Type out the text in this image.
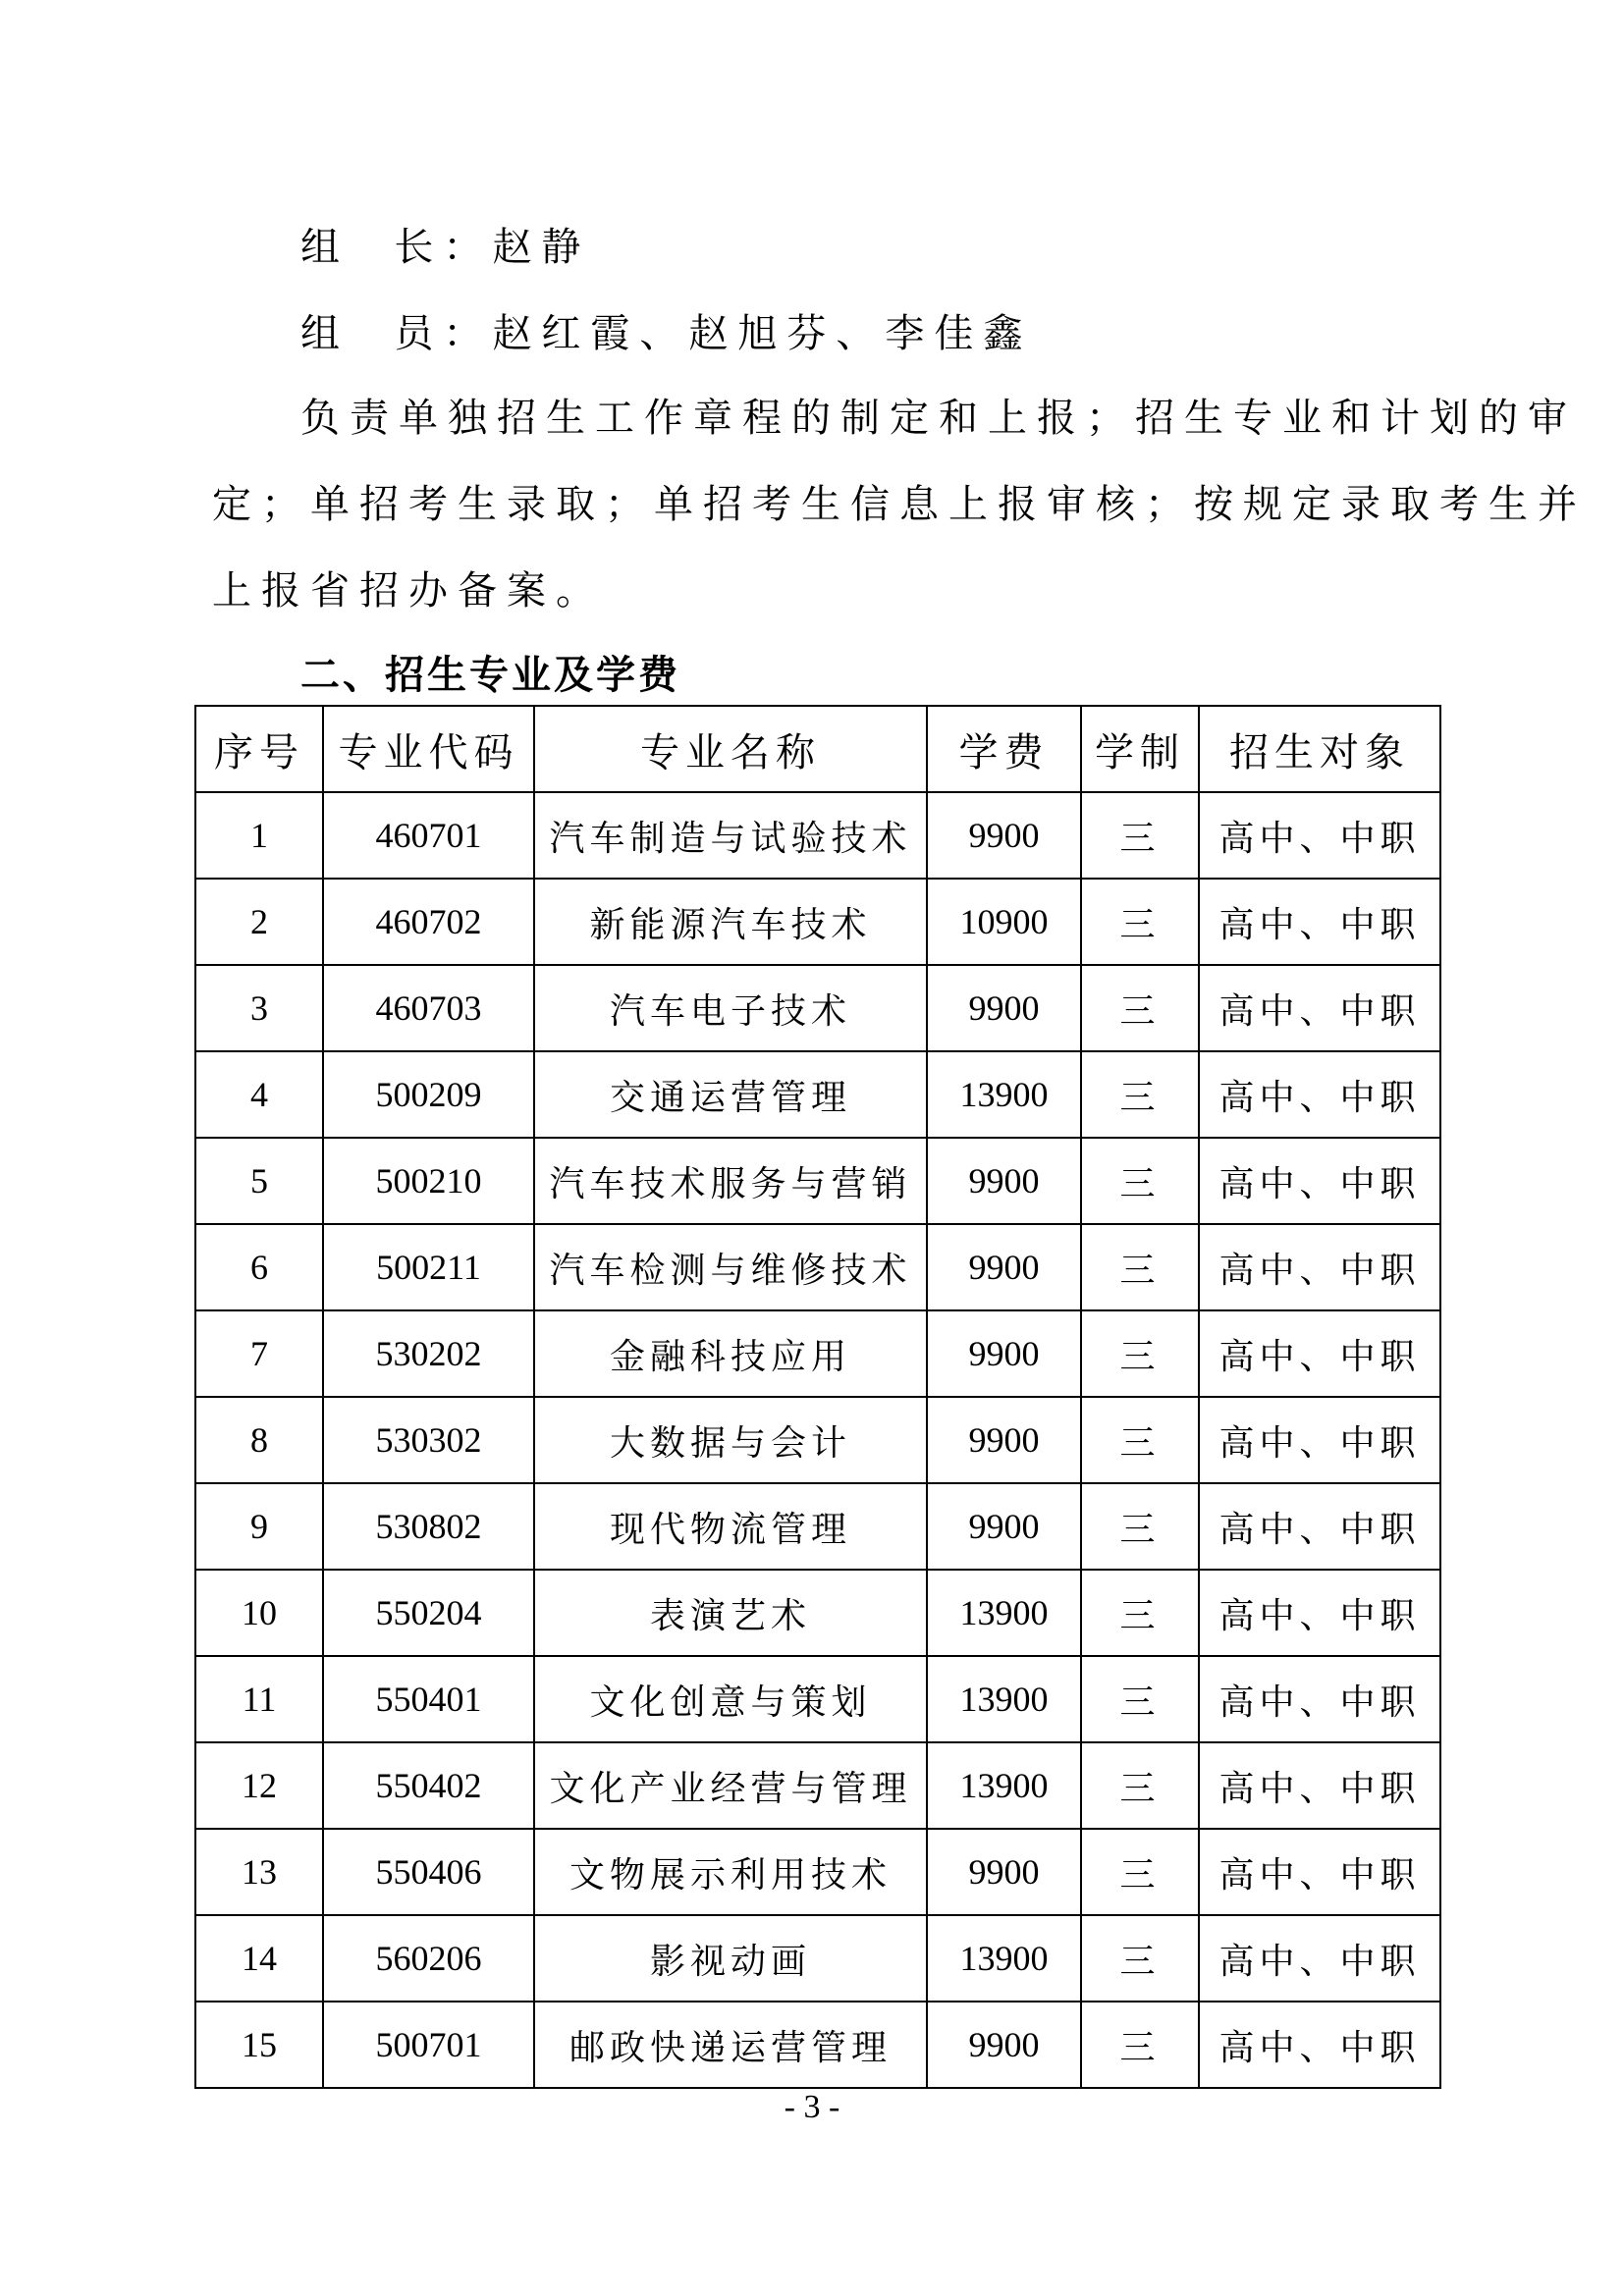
组  长：赵静

组  员：赵红霞、赵旭芬、李佳鑫

负责单独招生工作章程的制定和上报；招生专业和计划的审

定；单招考生录取；单招考生信息上报审核；按规定录取考生并

上报省招办备案。

二、招生专业及学费

序号	专业代码	专业名称	学费	学制	招生对象
1	460701	汽车制造与试验技术	9900	三	高中、中职
2	460702	新能源汽车技术	10900	三	高中、中职
3	460703	汽车电子技术	9900	三	高中、中职
4	500209	交通运营管理	13900	三	高中、中职
5	500210	汽车技术服务与营销	9900	三	高中、中职
6	500211	汽车检测与维修技术	9900	三	高中、中职
7	530202	金融科技应用	9900	三	高中、中职
8	530302	大数据与会计	9900	三	高中、中职
9	530802	现代物流管理	9900	三	高中、中职
10	550204	表演艺术	13900	三	高中、中职
11	550401	文化创意与策划	13900	三	高中、中职
12	550402	文化产业经营与管理	13900	三	高中、中职
13	550406	文物展示利用技术	9900	三	高中、中职
14	560206	影视动画	13900	三	高中、中职
15	500701	邮政快递运营管理	9900	三	高中、中职
- 3 -
